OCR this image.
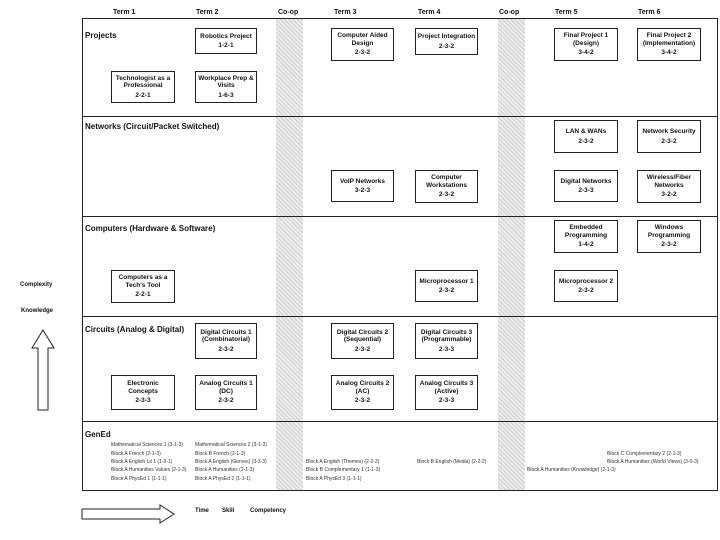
Term 1	Term 2	Co-op	Term 3	Term 4	Co-op	Term 5	Term 6
Projects
Networks (Circuit/Packet Switched)
Computers (Hardware & Software)
Circuits (Analog & Digital)
GenEd
Robotics Project
1-2-1
Technologist as a Professional
2-2-1
Workplace Prep & Visits
1-6-3
Computer Aided Design
2-3-2
Project Integration
2-3-2
Final Project 1 (Design)
3-4-2
Final Project 2 (Implementation)
3-4-2
LAN & WANs
2-3-2
Network Security
2-3-2
VoIP Networks
3-2-3
Computer Workstations
2-3-2
Digital Networks
2-3-3
Wireless/Fiber Networks
3-2-2
Embedded Programming
1-4-2
Windows Programming
2-3-2
Computers as a Tech's Tool
2-2-1
Microprocessor 1
2-3-2
Microprocessor 2
2-3-2
Digital Circuits 1 (Combinatorial)
2-3-2
Digital Circuits 2 (Sequential)
2-3-2
Digital Circuits 3 (Programmable)
2-3-3
Electronic Concepts
2-3-3
Analog Circuits 1 (DC)
2-3-2
Analog Circuits 2 (AC)
2-3-2
Analog Circuits 3 (Active)
2-3-3
Mathematical Sciences 1 (3-1-3)
Block A French (2-1-3)
Block A English Lit 1 (1-3-1)
Block A Humanities Values (2-1-3)
Block A PhysEd 1 (1-1-1)
Mathematical Sciences 2 (3-1-3)
Block B French (2-1-3)
Block A English (Genres) (3-3-3)
Block A Humanities (2-1-3)
Block A PhysEd 2 (1-1-1)
Block A English (Themes) (2-2-3)
Block B Complementary 1 (1-1-3)
Block A PhysEd 3 (1-1-1)
Block B English (Media) (2-2-2)
Block A Humanities (Knowledge) (2-1-3)
Block C Complementary 2 (2-1-3)
Block A Humanities (World Views) (3-0-3)
Complexity
Knowledge
Time Skill	Competency
